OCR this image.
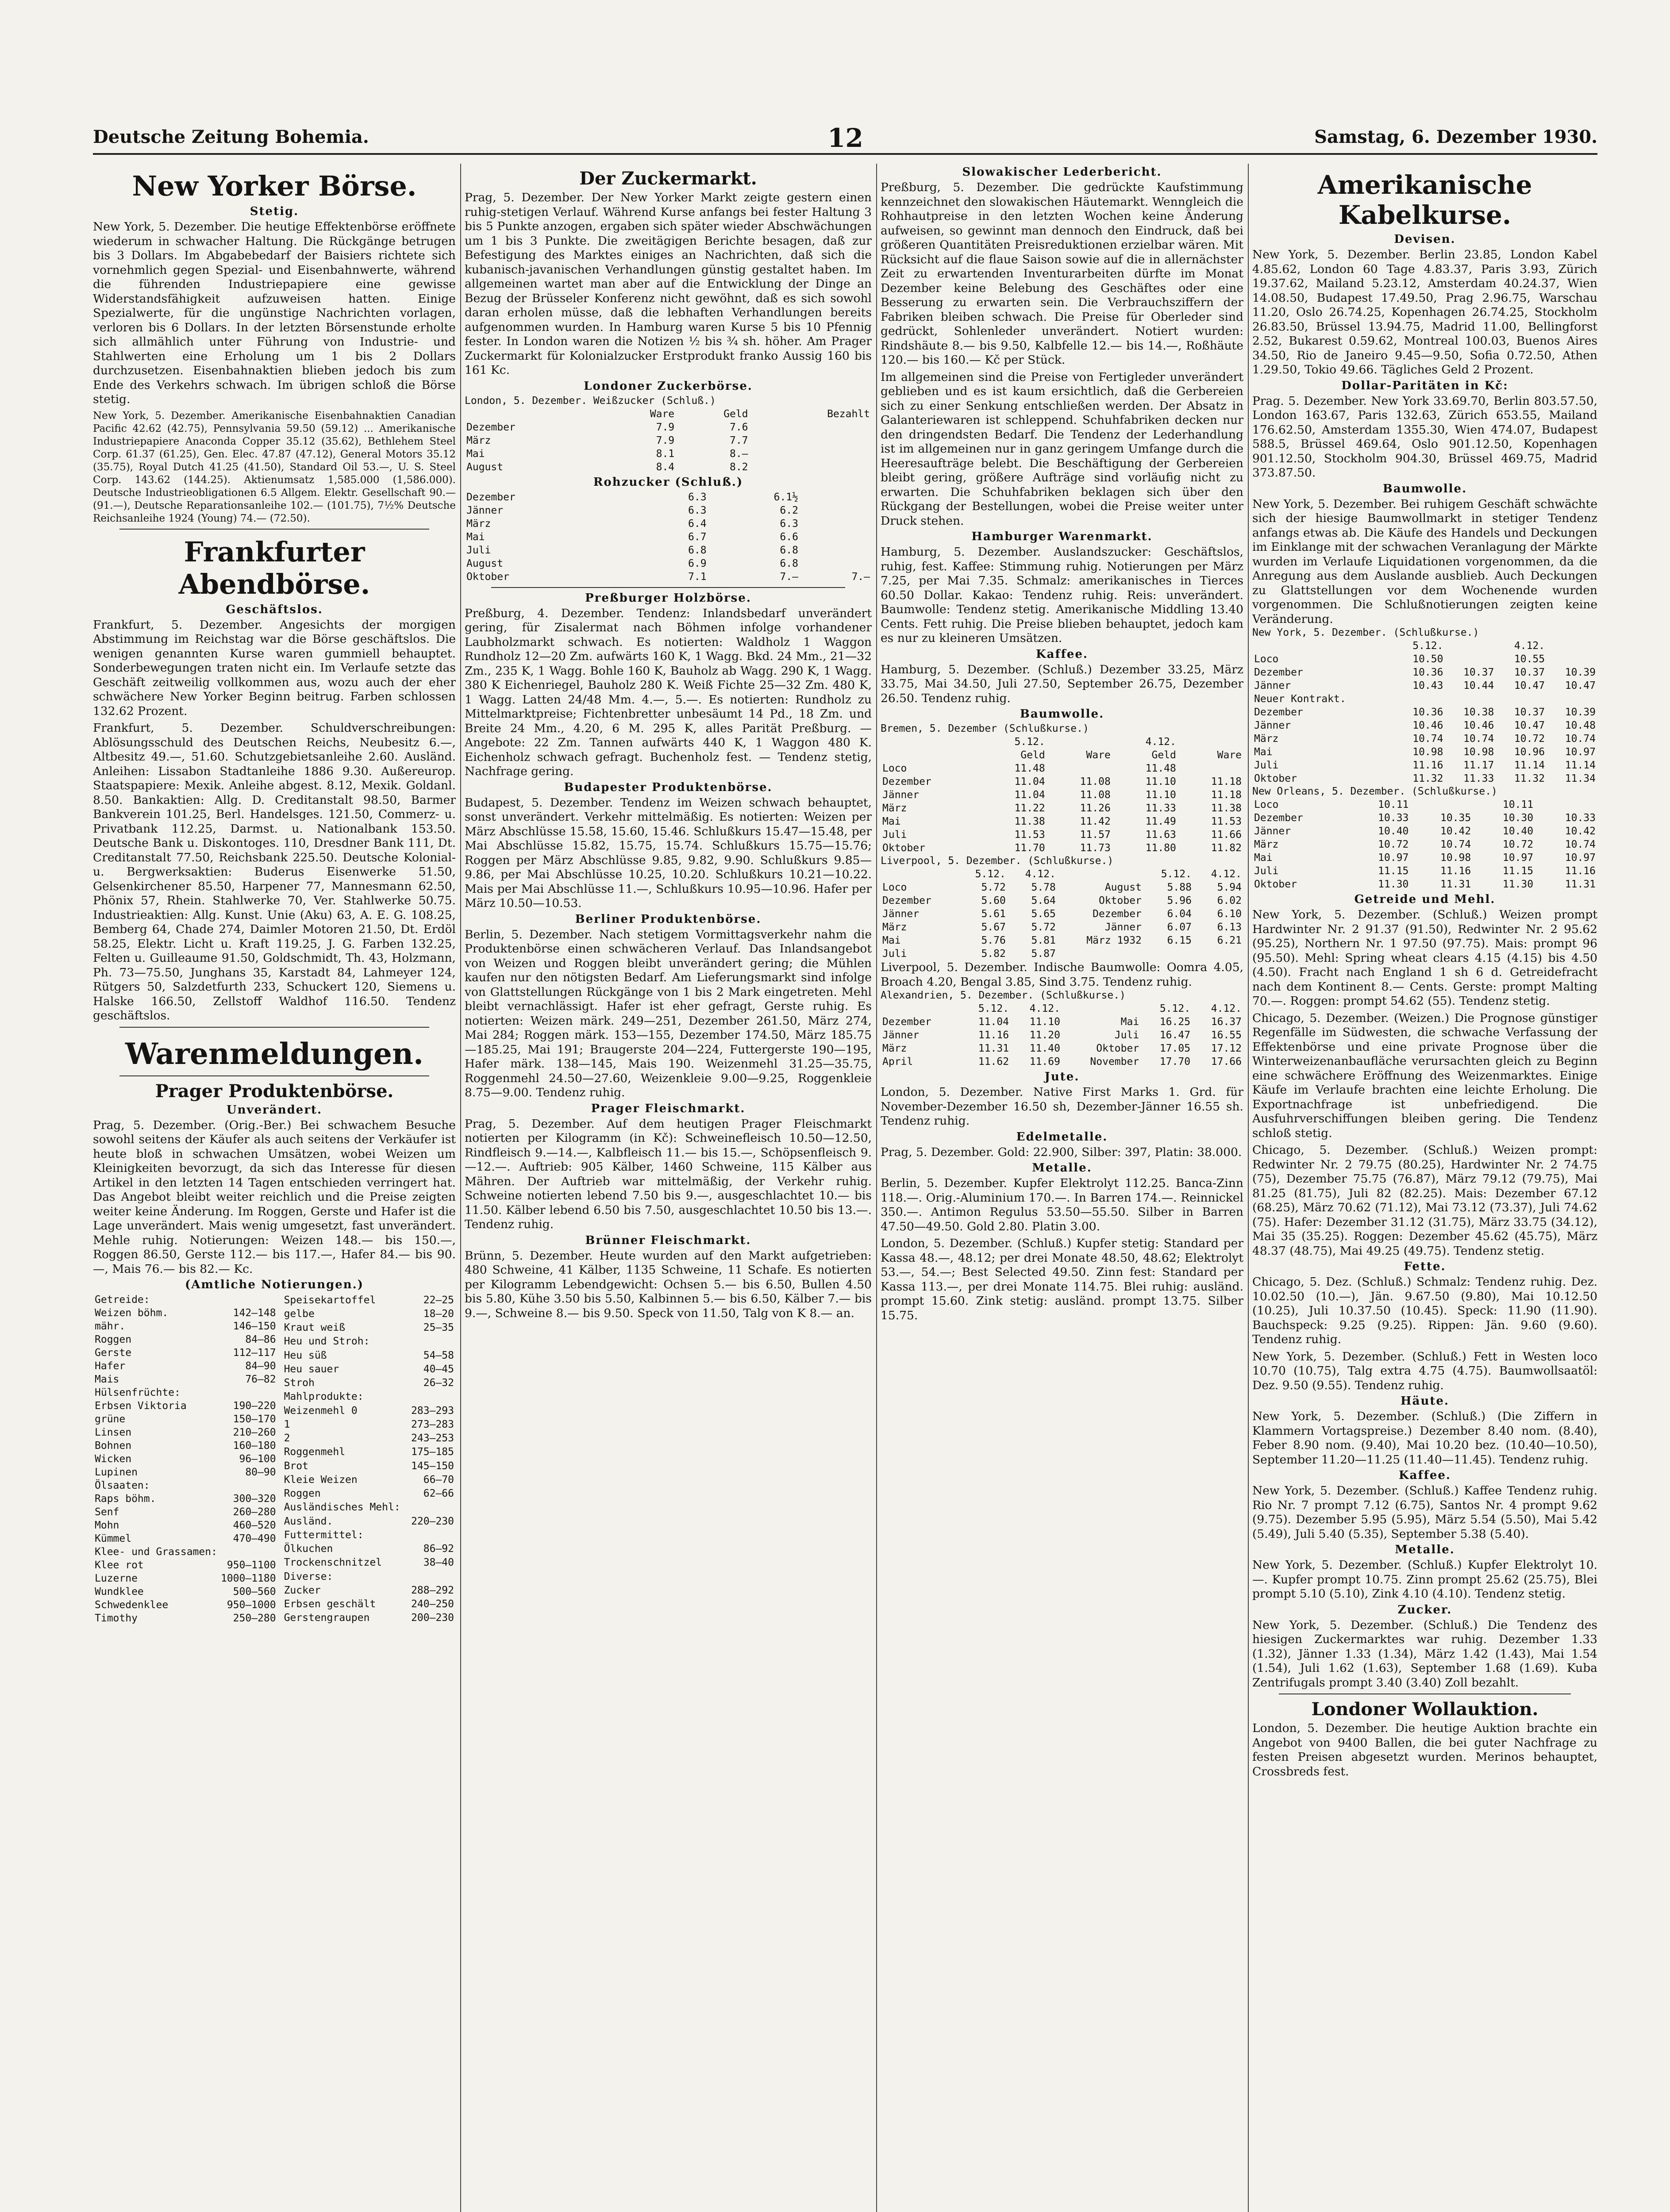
Deutsche Zeitung Bohemia.	12	Samstag, 6. Dezember 1930.
New Yorker Börse.
Stetig.
New York, 5. Dezember. Die heutige Effektenbörse eröffnete wiederum in schwacher Haltung. Die Rückgänge betrugen bis 3 Dollars. Im Abgabebedarf der Baisiers richtete sich vornehmlich gegen Spezial- und Eisenbahnwerte, während die führenden Industriepapiere eine gewisse Widerstandsfähigkeit aufzuweisen hatten. Einige Spezialwerte, für die ungünstige Nachrichten vorlagen, verloren bis 6 Dollars. In der letzten Börsenstunde erholte sich allmählich unter Führung von Industrie- und Stahlwerten eine Erholung um 1 bis 2 Dollars durchzusetzen. Eisenbahnaktien blieben jedoch bis zum Ende des Verkehrs schwach. Im übrigen schloß die Börse stetig.
New York, 5. Dezember. Amerikanische Eisenbahnaktien Canadian Pacific 42.62 (42.75), Pennsylvania 59.50 (59.12) ... Amerikanische Industriepapiere Anaconda Copper 35.12 (35.62), Bethlehem Steel Corp. 61.37 (61.25), Gen. Elec. 47.87 (47.12), General Motors 35.12 (35.75), Royal Dutch 41.25 (41.50), Standard Oil 53.—, U. S. Steel Corp. 143.62 (144.25). Aktienumsatz 1,585.000 (1,586.000). Deutsche Industrieobligationen 6.5 Allgem. Elektr. Gesellschaft 90.— (91.—), Deutsche Reparationsanleihe 102.— (101.75), 7½% Deutsche Reichsanleihe 1924 (Young) 74.— (72.50).
Frankfurter Abendbörse.
Geschäftslos.
Frankfurt, 5. Dezember. Angesichts der morgigen Abstimmung im Reichstag war die Börse geschäftslos. Die wenigen genannten Kurse waren gummiell behauptet. Sonderbewegungen traten nicht ein. Im Verlaufe setzte das Geschäft zeitweilig vollkommen aus, wozu auch der eher schwächere New Yorker Beginn beitrug. Farben schlossen 132.62 Prozent.
Frankfurt, 5. Dezember. Schuldverschreibungen: Ablösungsschuld des Deutschen Reichs, Neubesitz 6.—, Altbesitz 49.—, 51.60. Schutzgebietsanleihe 2.60. Ausländ. Anleihen: Lissabon Stadtanleihe 1886 9.30. Außereurop. Staatspapiere: Mexik. Anleihe abgest. 8.12, Mexik. Goldanl. 8.50. Bankaktien: Allg. D. Creditanstalt 98.50, Barmer Bankverein 101.25, Berl. Handelsges. 121.50, Commerz- u. Privatbank 112.25, Darmst. u. Nationalbank 153.50. Deutsche Bank u. Diskontoges. 110, Dresdner Bank 111, Dt. Creditanstalt 77.50, Reichsbank 225.50. Deutsche Kolonial- u. Bergwerksaktien: Buderus Eisenwerke 51.50, Gelsenkirchener 85.50, Harpener 77, Mannesmann 62.50, Phönix 57, Rhein. Stahlwerke 70, Ver. Stahlwerke 50.75. Industrieaktien: Allg. Kunst. Unie (Aku) 63, A. E. G. 108.25, Bemberg 64, Chade 274, Daimler Motoren 21.50, Dt. Erdöl 58.25, Elektr. Licht u. Kraft 119.25, J. G. Farben 132.25, Felten u. Guilleaume 91.50, Goldschmidt, Th. 43, Holzmann, Ph. 73—75.50, Junghans 35, Karstadt 84, Lahmeyer 124, Rütgers 50, Salzdetfurth 233, Schuckert 120, Siemens u. Halske 166.50, Zellstoff Waldhof 116.50. Tendenz geschäftslos.
Warenmeldungen.
Prager Produktenbörse.
Unverändert.
Prag, 5. Dezember. (Orig.-Ber.) Bei schwachem Besuche sowohl seitens der Käufer als auch seitens der Verkäufer ist heute bloß in schwachen Umsätzen, wobei Weizen um Kleinigkeiten bevorzugt, da sich das Interesse für diesen Artikel in den letzten 14 Tagen entschieden verringert hat. Das Angebot bleibt weiter reichlich und die Preise zeigten weiter keine Änderung. Im Roggen, Gerste und Hafer ist die Lage unverändert. Mais wenig umgesetzt, fast unverändert. Mehle ruhig. Notierungen: Weizen 148.— bis 150.—, Roggen 86.50, Gerste 112.— bis 117.—, Hafer 84.— bis 90.—, Mais 76.— bis 82.— Kc.
(Amtliche Notierungen.)
Getreide:	
Weizen böhm.	142—148
mähr.	146—150
Roggen	84—86
Gerste	112—117
Hafer	84—90
Mais	76—82
Hülsenfrüchte:	
Erbsen Viktoria	190—220
grüne	150—170
Linsen	210—260
Bohnen	160—180
Wicken	96—100
Lupinen	80—90
Ölsaaten:	
Raps böhm.	300—320
Senf	260—280
Mohn	460—520
Kümmel	470—490
Klee- und Grassamen:	
Klee rot	950—1100
Luzerne	1000—1180
Wundklee	500—560
Schwedenklee	950—1000
Timothy	250—280
Speisekartoffel	22—25
gelbe	18—20
Kraut weiß	25—35
Heu und Stroh:	
Heu süß	54—58
Heu sauer	40—45
Stroh	26—32
Mahlprodukte:	
Weizenmehl 0	283—293
1	273—283
2	243—253
Roggenmehl	175—185
Brot	145—150
Kleie Weizen	66—70
Roggen	62—66
Ausländisches Mehl:	
Ausländ.	220—230
Futtermittel:	
Ölkuchen	86—92
Trockenschnitzel	38—40
Diverse:	
Zucker	288—292
Erbsen geschält	240—250
Gerstengraupen	200—230
Der Zuckermarkt.
Prag, 5. Dezember. Der New Yorker Markt zeigte gestern einen ruhig-stetigen Verlauf. Während Kurse anfangs bei fester Haltung 3 bis 5 Punkte anzogen, ergaben sich später wieder Abschwächungen um 1 bis 3 Punkte. Die zweitägigen Berichte besagen, daß zur Befestigung des Marktes einiges an Nachrichten, daß sich die kubanisch-javanischen Verhandlungen günstig gestaltet haben. Im allgemeinen wartet man aber auf die Entwicklung der Dinge an Bezug der Brüsseler Konferenz nicht gewöhnt, daß es sich sowohl daran erholen müsse, daß die lebhaften Verhandlungen bereits aufgenommen wurden. In Hamburg waren Kurse 5 bis 10 Pfennig fester. In London waren die Notizen ½ bis ¾ sh. höher. Am Prager Zuckermarkt für Kolonialzucker Erstprodukt franko Aussig 160 bis 161 Kc.
Londoner Zuckerbörse.
London, 5. Dezember. Weißzucker (Schluß.)
	Ware	Geld	Bezahlt
Dezember	7.9	7.6	
März	7.9	7.7	
Mai	8.1	8.—	
August	8.4	8.2	
Rohzucker (Schluß.)
Dezember	6.3	6.1½	
Jänner	6.3	6.2	
März	6.4	6.3	
Mai	6.7	6.6	
Juli	6.8	6.8	
August	6.9	6.8	
Oktober	7.1	7.—	7.—
Preßburger Holzbörse.
Preßburg, 4. Dezember. Tendenz: Inlandsbedarf unverändert gering, für Zisalermat nach Böhmen infolge vorhandener Laubholzmarkt schwach. Es notierten: Waldholz 1 Waggon Rundholz 12—20 Zm. aufwärts 160 K, 1 Wagg. Bkd. 24 Mm., 21—32 Zm., 235 K, 1 Wagg. Bohle 160 K, Bauholz ab Wagg. 290 K, 1 Wagg. 380 K Eichenriegel, Bauholz 280 K. Weiß Fichte 25—32 Zm. 480 K, 1 Wagg. Latten 24/48 Mm. 4.—, 5.—. Es notierten: Rundholz zu Mittelmarktpreise; Fichtenbretter unbesäumt 14 Pd., 18 Zm. und Breite 24 Mm., 4.20, 6 M. 295 K, alles Parität Preßburg. — Angebote: 22 Zm. Tannen aufwärts 440 K, 1 Waggon 480 K. Eichenholz schwach gefragt. Buchenholz fest. — Tendenz stetig, Nachfrage gering.
Budapester Produktenbörse.
Budapest, 5. Dezember. Tendenz im Weizen schwach behauptet, sonst unverändert. Verkehr mittelmäßig. Es notierten: Weizen per März Abschlüsse 15.58, 15.60, 15.46. Schlußkurs 15.47—15.48, per Mai Abschlüsse 15.82, 15.75, 15.74. Schlußkurs 15.75—15.76; Roggen per März Abschlüsse 9.85, 9.82, 9.90. Schlußkurs 9.85—9.86, per Mai Abschlüsse 10.25, 10.20. Schlußkurs 10.21—10.22. Mais per Mai Abschlüsse 11.—, Schlußkurs 10.95—10.96. Hafer per März 10.50—10.53.
Berliner Produktenbörse.
Berlin, 5. Dezember. Nach stetigem Vormittagsverkehr nahm die Produktenbörse einen schwächeren Verlauf. Das Inlandsangebot von Weizen und Roggen bleibt unverändert gering; die Mühlen kaufen nur den nötigsten Bedarf. Am Lieferungsmarkt sind infolge von Glattstellungen Rückgänge von 1 bis 2 Mark eingetreten. Mehl bleibt vernachlässigt. Hafer ist eher gefragt, Gerste ruhig. Es notierten: Weizen märk. 249—251, Dezember 261.50, März 274, Mai 284; Roggen märk. 153—155, Dezember 174.50, März 185.75—185.25, Mai 191; Braugerste 204—224, Futtergerste 190—195, Hafer märk. 138—145, Mais 190. Weizenmehl 31.25—35.75, Roggenmehl 24.50—27.60, Weizenkleie 9.00—9.25, Roggenkleie 8.75—9.00. Tendenz ruhig.
Prager Fleischmarkt.
Prag, 5. Dezember. Auf dem heutigen Prager Fleischmarkt notierten per Kilogramm (in Kč): Schweinefleisch 10.50—12.50, Rindfleisch 9.—14.—, Kalbfleisch 11.— bis 15.—, Schöpsenfleisch 9.—12.—. Auftrieb: 905 Kälber, 1460 Schweine, 115 Kälber aus Mähren. Der Auftrieb war mittelmäßig, der Verkehr ruhig. Schweine notierten lebend 7.50 bis 9.—, ausgeschlachtet 10.— bis 11.50. Kälber lebend 6.50 bis 7.50, ausgeschlachtet 10.50 bis 13.—. Tendenz ruhig.
Brünner Fleischmarkt.
Brünn, 5. Dezember. Heute wurden auf den Markt aufgetrieben: 480 Schweine, 41 Kälber, 1135 Schweine, 11 Schafe. Es notierten per Kilogramm Lebendgewicht: Ochsen 5.— bis 6.50, Bullen 4.50 bis 5.80, Kühe 3.50 bis 5.50, Kalbinnen 5.— bis 6.50, Kälber 7.— bis 9.—, Schweine 8.— bis 9.50. Speck von 11.50, Talg von K 8.— an.
Slowakischer Lederbericht.
Preßburg, 5. Dezember. Die gedrückte Kaufstimmung kennzeichnet den slowakischen Häutemarkt. Wenngleich die Rohhautpreise in den letzten Wochen keine Änderung aufweisen, so gewinnt man dennoch den Eindruck, daß bei größeren Quantitäten Preisreduktionen erzielbar wären. Mit Rücksicht auf die flaue Saison sowie auf die in allernächster Zeit zu erwartenden Inventurarbeiten dürfte im Monat Dezember keine Belebung des Geschäftes oder eine Besserung zu erwarten sein. Die Verbrauchsziffern der Fabriken bleiben schwach. Die Preise für Oberleder sind gedrückt, Sohlenleder unverändert. Notiert wurden: Rindshäute 8.— bis 9.50, Kalbfelle 12.— bis 14.—, Roßhäute 120.— bis 160.— Kč per Stück.
Im allgemeinen sind die Preise von Fertigleder unverändert geblieben und es ist kaum ersichtlich, daß die Gerbereien sich zu einer Senkung entschließen werden. Der Absatz in Galanteriewaren ist schleppend. Schuhfabriken decken nur den dringendsten Bedarf. Die Tendenz der Lederhandlung ist im allgemeinen nur in ganz geringem Umfange durch die Heeresaufträge belebt. Die Beschäftigung der Gerbereien bleibt gering, größere Aufträge sind vorläufig nicht zu erwarten. Die Schuhfabriken beklagen sich über den Rückgang der Bestellungen, wobei die Preise weiter unter Druck stehen.
Hamburger Warenmarkt.
Hamburg, 5. Dezember. Auslandszucker: Geschäftslos, ruhig, fest. Kaffee: Stimmung ruhig. Notierungen per März 7.25, per Mai 7.35. Schmalz: amerikanisches in Tierces 60.50 Dollar. Kakao: Tendenz ruhig. Reis: unverändert. Baumwolle: Tendenz stetig. Amerikanische Middling 13.40 Cents. Fett ruhig. Die Preise blieben behauptet, jedoch kam es nur zu kleineren Umsätzen.
Kaffee.
Hamburg, 5. Dezember. (Schluß.) Dezember 33.25, März 33.75, Mai 34.50, Juli 27.50, September 26.75, Dezember 26.50. Tendenz ruhig.
Baumwolle.
Bremen, 5. Dezember (Schlußkurse.)
	5.12.		4.12.	
	Geld	Ware	Geld	Ware
Loco	11.48		11.48	
Dezember	11.04	11.08	11.10	11.18
Jänner	11.04	11.08	11.10	11.18
März	11.22	11.26	11.33	11.38
Mai	11.38	11.42	11.49	11.53
Juli	11.53	11.57	11.63	11.66
Oktober	11.70	11.73	11.80	11.82
Liverpool, 5. Dezember. (Schlußkurse.)
	5.12.	4.12.		5.12.	4.12.
Loco	5.72	5.78	August	5.88	5.94
Dezember	5.60	5.64	Oktober	5.96	6.02
Jänner	5.61	5.65	Dezember	6.04	6.10
März	5.67	5.72	Jänner	6.07	6.13
Mai	5.76	5.81	März 1932	6.15	6.21
Juli	5.82	5.87			
Liverpool, 5. Dezember. Indische Baumwolle: Oomra 4.05, Broach 4.20, Bengal 3.85, Sind 3.75. Tendenz ruhig.
Alexandrien, 5. Dezember. (Schlußkurse.)
	5.12.	4.12.		5.12.	4.12.
Dezember	11.04	11.10	Mai	16.25	16.37
Jänner	11.16	11.20	Juli	16.47	16.55
März	11.31	11.40	Oktober	17.05	17.12
April	11.62	11.69	November	17.70	17.66
Jute.
London, 5. Dezember. Native First Marks 1. Grd. für November-Dezember 16.50 sh, Dezember-Jänner 16.55 sh. Tendenz ruhig.
Edelmetalle.
Prag, 5. Dezember. Gold: 22.900, Silber: 397, Platin: 38.000.
Metalle.
Berlin, 5. Dezember. Kupfer Elektrolyt 112.25. Banca-Zinn 118.—. Orig.-Aluminium 170.—. In Barren 174.—. Reinnickel 350.—. Antimon Regulus 53.50—55.50. Silber in Barren 47.50—49.50. Gold 2.80. Platin 3.00.
London, 5. Dezember. (Schluß.) Kupfer stetig: Standard per Kassa 48.—, 48.12; per drei Monate 48.50, 48.62; Elektrolyt 53.—, 54.—; Best Selected 49.50. Zinn fest: Standard per Kassa 113.—, per drei Monate 114.75. Blei ruhig: ausländ. prompt 15.60. Zink stetig: ausländ. prompt 13.75. Silber 15.75.
Amerikanische Kabelkurse.
Devisen.
New York, 5. Dezember. Berlin 23.85, London Kabel 4.85.62, London 60 Tage 4.83.37, Paris 3.93, Zürich 19.37.62, Mailand 5.23.12, Amsterdam 40.24.37, Wien 14.08.50, Budapest 17.49.50, Prag 2.96.75, Warschau 11.20, Oslo 26.74.25, Kopenhagen 26.74.25, Stockholm 26.83.50, Brüssel 13.94.75, Madrid 11.00, Bellingforst 2.52, Bukarest 0.59.62, Montreal 100.03, Buenos Aires 34.50, Rio de Janeiro 9.45—9.50, Sofia 0.72.50, Athen 1.29.50, Tokio 49.66. Tägliches Geld 2 Prozent.
Dollar-Paritäten in Kč:
Prag. 5. Dezember. New York 33.69.70, Berlin 803.57.50, London 163.67, Paris 132.63, Zürich 653.55, Mailand 176.62.50, Amsterdam 1355.30, Wien 474.07, Budapest 588.5, Brüssel 469.64, Oslo 901.12.50, Kopenhagen 901.12.50, Stockholm 904.30, Brüssel 469.75, Madrid 373.87.50.
Baumwolle.
New York, 5. Dezember. Bei ruhigem Geschäft schwächte sich der hiesige Baumwollmarkt in stetiger Tendenz anfangs etwas ab. Die Käufe des Handels und Deckungen im Einklange mit der schwachen Veranlagung der Märkte wurden im Verlaufe Liquidationen vorgenommen, da die Anregung aus dem Auslande ausblieb. Auch Deckungen zu Glattstellungen vor dem Wochenende wurden vorgenommen. Die Schlußnotierungen zeigten keine Veränderung.
New York, 5. Dezember. (Schlußkurse.)
	5.12.		4.12.	
Loco	10.50		10.55	
Dezember	10.36	10.37	10.37	10.39
Jänner	10.43	10.44	10.47	10.47
Neuer Kontrakt.				
Dezember	10.36	10.38	10.37	10.39
Jänner	10.46	10.46	10.47	10.48
März	10.74	10.74	10.72	10.74
Mai	10.98	10.98	10.96	10.97
Juli	11.16	11.17	11.14	11.14
Oktober	11.32	11.33	11.32	11.34
New Orleans, 5. Dezember. (Schlußkurse.)
Loco	10.11		10.11	
Dezember	10.33	10.35	10.30	10.33
Jänner	10.40	10.42	10.40	10.42
März	10.72	10.74	10.72	10.74
Mai	10.97	10.98	10.97	10.97
Juli	11.15	11.16	11.15	11.16
Oktober	11.30	11.31	11.30	11.31
Getreide und Mehl.
New York, 5. Dezember. (Schluß.) Weizen prompt Hardwinter Nr. 2 91.37 (91.50), Redwinter Nr. 2 95.62 (95.25), Northern Nr. 1 97.50 (97.75). Mais: prompt 96 (95.50). Mehl: Spring wheat clears 4.15 (4.15) bis 4.50 (4.50). Fracht nach England 1 sh 6 d. Getreidefracht nach dem Kontinent 8.— Cents. Gerste: prompt Malting 70.—. Roggen: prompt 54.62 (55). Tendenz stetig.
Chicago, 5. Dezember. (Weizen.) Die Prognose günstiger Regenfälle im Südwesten, die schwache Verfassung der Effektenbörse und eine private Prognose über die Winterweizenanbaufläche verursachten gleich zu Beginn eine schwächere Eröffnung des Weizenmarktes. Einige Käufe im Verlaufe brachten eine leichte Erholung. Die Exportnachfrage ist unbefriedigend. Die Ausfuhrverschiffungen bleiben gering. Die Tendenz schloß stetig.
Chicago, 5. Dezember. (Schluß.) Weizen prompt: Redwinter Nr. 2 79.75 (80.25), Hardwinter Nr. 2 74.75 (75), Dezember 75.75 (76.87), März 79.12 (79.75), Mai 81.25 (81.75), Juli 82 (82.25). Mais: Dezember 67.12 (68.25), März 70.62 (71.12), Mai 73.12 (73.37), Juli 74.62 (75). Hafer: Dezember 31.12 (31.75), März 33.75 (34.12), Mai 35 (35.25). Roggen: Dezember 45.62 (45.75), März 48.37 (48.75), Mai 49.25 (49.75). Tendenz stetig.
Fette.
Chicago, 5. Dez. (Schluß.) Schmalz: Tendenz ruhig. Dez. 10.02.50 (10.—), Jän. 9.67.50 (9.80), Mai 10.12.50 (10.25), Juli 10.37.50 (10.45). Speck: 11.90 (11.90). Bauchspeck: 9.25 (9.25). Rippen: Jän. 9.60 (9.60). Tendenz ruhig.
New York, 5. Dezember. (Schluß.) Fett in Westen loco 10.70 (10.75), Talg extra 4.75 (4.75). Baumwollsaatöl: Dez. 9.50 (9.55). Tendenz ruhig.
Häute.
New York, 5. Dezember. (Schluß.) (Die Ziffern in Klammern Vortagspreise.) Dezember 8.40 nom. (8.40), Feber 8.90 nom. (9.40), Mai 10.20 bez. (10.40—10.50), September 11.20—11.25 (11.40—11.45). Tendenz ruhig.
Kaffee.
New York, 5. Dezember. (Schluß.) Kaffee Tendenz ruhig. Rio Nr. 7 prompt 7.12 (6.75), Santos Nr. 4 prompt 9.62 (9.75). Dezember 5.95 (5.95), März 5.54 (5.50), Mai 5.42 (5.49), Juli 5.40 (5.35), September 5.38 (5.40).
Metalle.
New York, 5. Dezember. (Schluß.) Kupfer Elektrolyt 10.—. Kupfer prompt 10.75. Zinn prompt 25.62 (25.75), Blei prompt 5.10 (5.10), Zink 4.10 (4.10). Tendenz stetig.
Zucker.
New York, 5. Dezember. (Schluß.) Die Tendenz des hiesigen Zuckermarktes war ruhig. Dezember 1.33 (1.32), Jänner 1.33 (1.34), März 1.42 (1.43), Mai 1.54 (1.54), Juli 1.62 (1.63), September 1.68 (1.69). Kuba Zentrifugals prompt 3.40 (3.40) Zoll bezahlt.
Londoner Wollauktion.
London, 5. Dezember. Die heutige Auktion brachte ein Angebot von 9400 Ballen, die bei guter Nachfrage zu festen Preisen abgesetzt wurden. Merinos behauptet, Crossbreds fest.
